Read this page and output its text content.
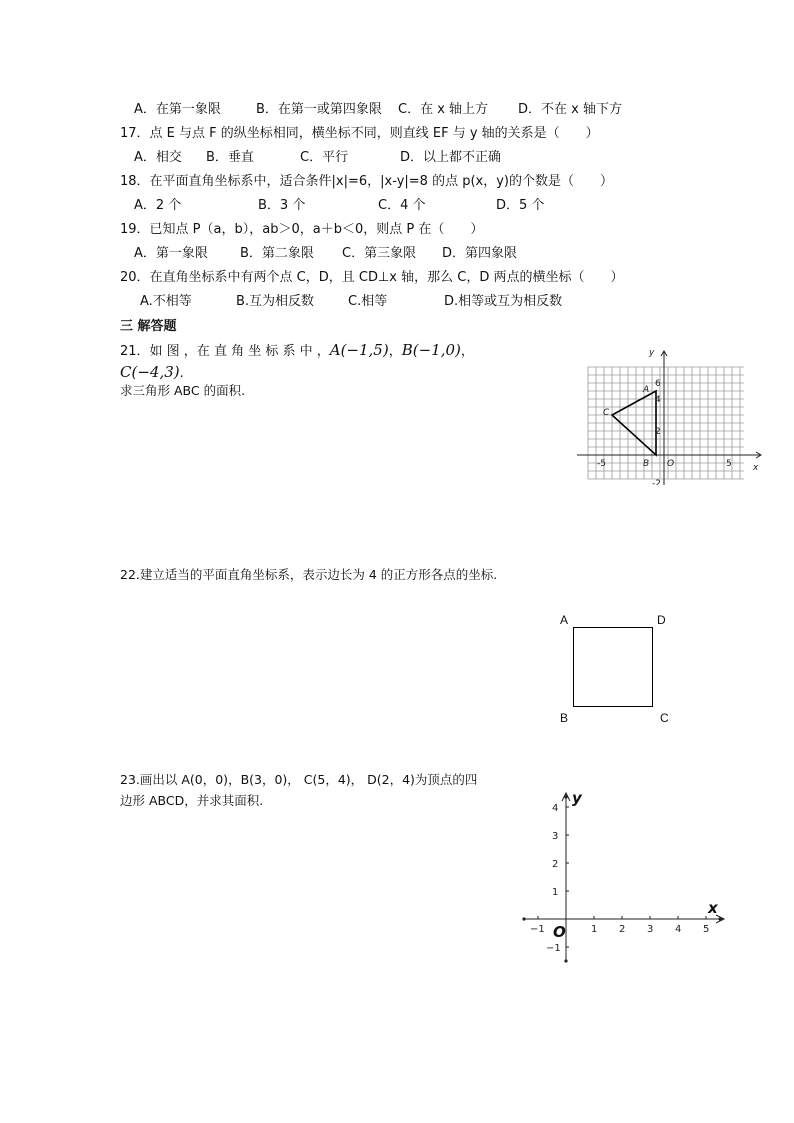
A．在第一象限	B．在第一或第四象限 C．在 x 轴上方 D．不在 x 轴下方
17．点 E 与点 F 的纵坐标相同，横坐标不同，则直线 EF 与 y 轴的关系是（　　）
A．相交 B．垂直	C．平行	D．以上都不正确
18．在平面直角坐标系中，适合条件|x|=6，|x-y|=8 的点 p(x，y)的个数是（　　）
A．2 个	B．3 个	C．4 个	D．5 个
19．已知点 P（a，b），ab＞0，a＋b＜0，则点 P 在（　　）
A．第一象限 B．第二象限 C．第三象限 D．第四象限
20．在直角坐标系中有两个点 C，D，且 CD⊥x 轴，那么 C，D 两点的横坐标（　　）
A.不相等	B.互为相反数	C.相等	D.相等或互为相反数
三 解答题
21．如 图 ，在 直 角 坐 标 系 中 ，A(−1,5)，B(−1,0)，
C(−4,3).
求三角形 ABC 的面积.
y
x
A
C
B O
-5	5
6
4
2
-2
22.建立适当的平面直角坐标系，表示边长为 4 的正方形各点的坐标.
A	D
B	C
23.画出以 A(0，0)，B(3，0)， C(5，4)， D(2，4)为顶点的四
边形 ABCD，并求其面积.
−1	1 2 3 4 5
4
3
2
1
−1
y
x
O
